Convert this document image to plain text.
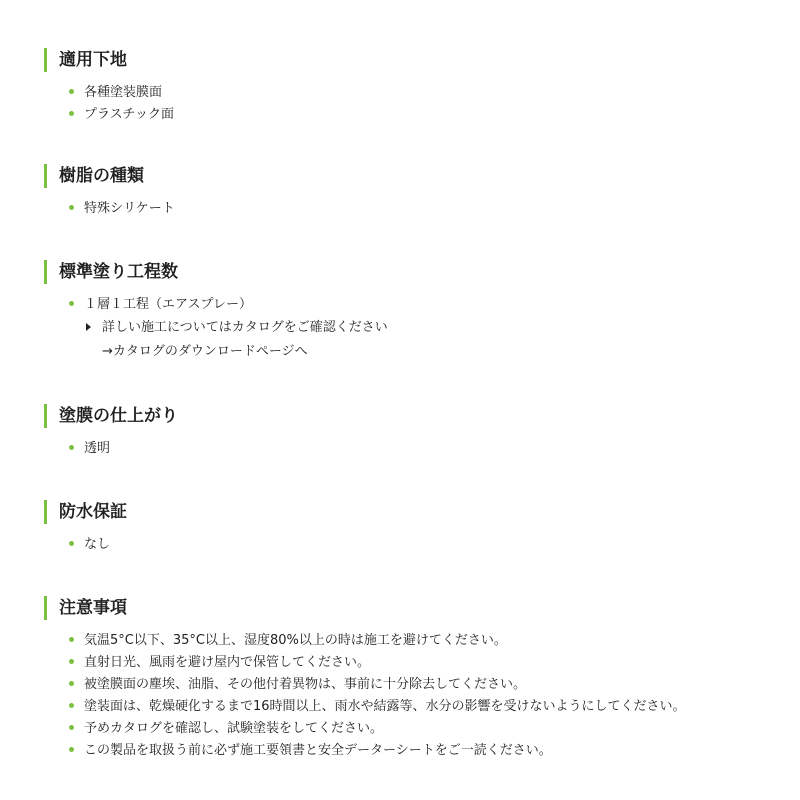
適用下地
各種塗装膜面
プラスチック面
樹脂の種類
特殊シリケート
標準塗り工程数
１層１工程（エアスプレー）
詳しい施工についてはカタログをご確認ください
→カタログのダウンロードページへ
塗膜の仕上がり
透明
防水保証
なし
注意事項
気温5°C以下、35°C以上、湿度80%以上の時は施工を避けてください。
直射日光、風雨を避け屋内で保管してください。
被塗膜面の塵埃、油脂、その他付着異物は、事前に十分除去してください。
塗装面は、乾燥硬化するまで16時間以上、雨水や結露等、水分の影響を受けないようにしてください。
予めカタログを確認し、試験塗装をしてください。
この製品を取扱う前に必ず施工要領書と安全データーシートをご一読ください。
